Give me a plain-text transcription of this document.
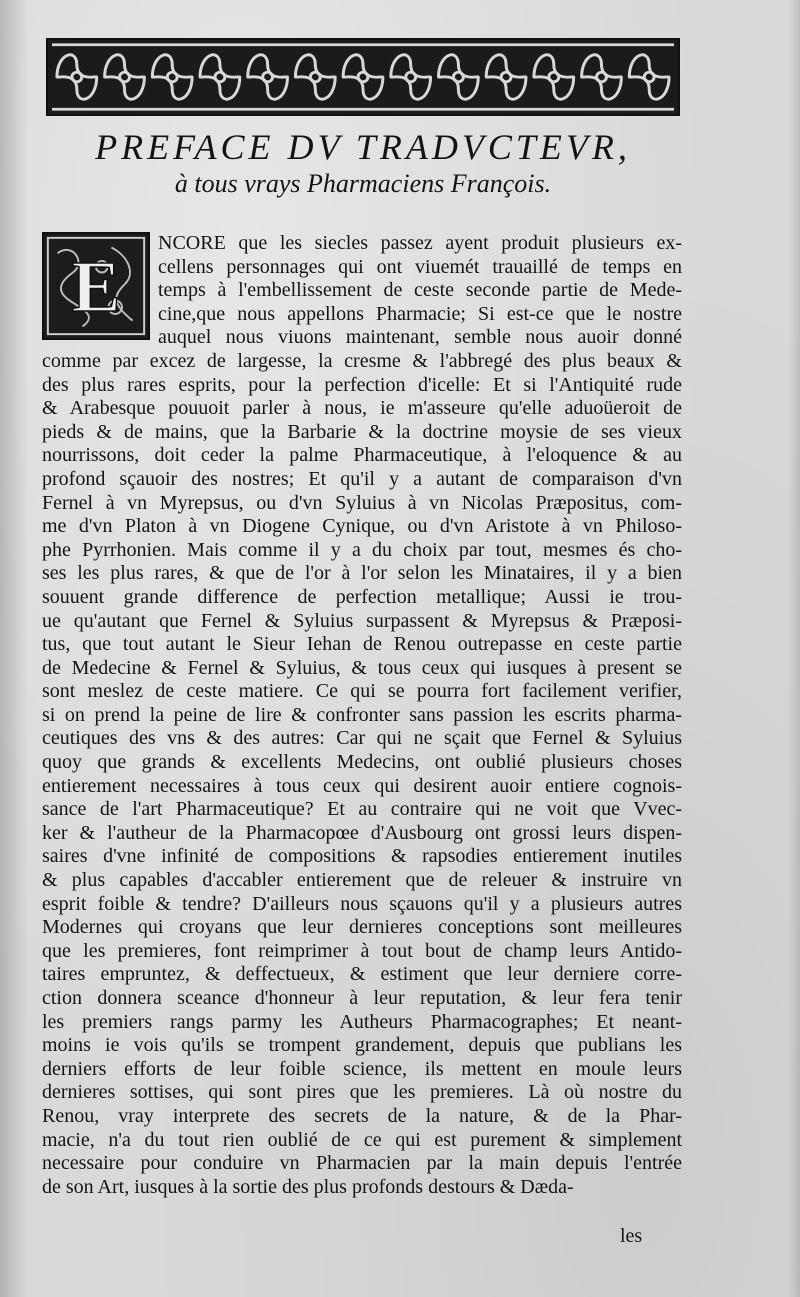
PREFACE DV TRADVCTEVR,
à tous vrays Pharmaciens François.
NCORE que les siecles passez ayent produit plusieurs ex-
cellens personnages qui ont viuemét trauaillé de temps en
temps à l'embellissement de ceste seconde partie de Mede-
cine,que nous appellons Pharmacie; Si est-ce que le nostre
auquel nous viuons maintenant, semble nous auoir donné
comme par excez de largesse, la cresme & l'abbregé des plus beaux &
des plus rares esprits, pour la perfection d'icelle: Et si l'Antiquité rude
& Arabesque pouuoit parler à nous, ie m'asseure qu'elle aduoüeroit de
pieds & de mains, que la Barbarie & la doctrine moysie de ses vieux
nourrissons, doit ceder la palme Pharmaceutique, à l'eloquence & au
profond sçauoir des nostres; Et qu'il y a autant de comparaison d'vn
Fernel à vn Myrepsus, ou d'vn Syluius à vn Nicolas Præpositus, com-
me d'vn Platon à vn Diogene Cynique, ou d'vn Aristote à vn Philoso-
phe Pyrrhonien. Mais comme il y a du choix par tout, mesmes és cho-
ses les plus rares, & que de l'or à l'or selon les Minataires, il y a bien
souuent grande difference de perfection metallique; Aussi ie trou-
ue qu'autant que Fernel & Syluius surpassent & Myrepsus & Præposi-
tus, que tout autant le Sieur Iehan de Renou outrepasse en ceste partie
de Medecine & Fernel & Syluius, & tous ceux qui iusques à present se
sont meslez de ceste matiere. Ce qui se pourra fort facilement verifier,
si on prend la peine de lire & confronter sans passion les escrits pharma-
ceutiques des vns & des autres: Car qui ne sçait que Fernel & Syluius
quoy que grands & excellents Medecins, ont oublié plusieurs choses
entierement necessaires à tous ceux qui desirent auoir entiere cognois-
sance de l'art Pharmaceutique? Et au contraire qui ne voit que Vvec-
ker & l'autheur de la Pharmacopœe d'Ausbourg ont grossi leurs dispen-
saires d'vne infinité de compositions & rapsodies entierement inutiles
& plus capables d'accabler entierement que de releuer & instruire vn
esprit foible & tendre? D'ailleurs nous sçauons qu'il y a plusieurs autres
Modernes qui croyans que leur dernieres conceptions sont meilleures
que les premieres, font reimprimer à tout bout de champ leurs Antido-
taires empruntez, & deffectueux, & estiment que leur derniere corre-
ction donnera sceance d'honneur à leur reputation, & leur fera tenir
les premiers rangs parmy les Autheurs Pharmacographes; Et neant-
moins ie vois qu'ils se trompent grandement, depuis que publians les
derniers efforts de leur foible science, ils mettent en moule leurs
dernieres sottises, qui sont pires que les premieres. Là où nostre du
Renou, vray interprete des secrets de la nature, & de la Phar-
macie, n'a du tout rien oublié de ce qui est purement & simplement
necessaire pour conduire vn Pharmacien par la main depuis l'entrée
de son Art, iusques à la sortie des plus profonds destours & Dæda-
E
les
